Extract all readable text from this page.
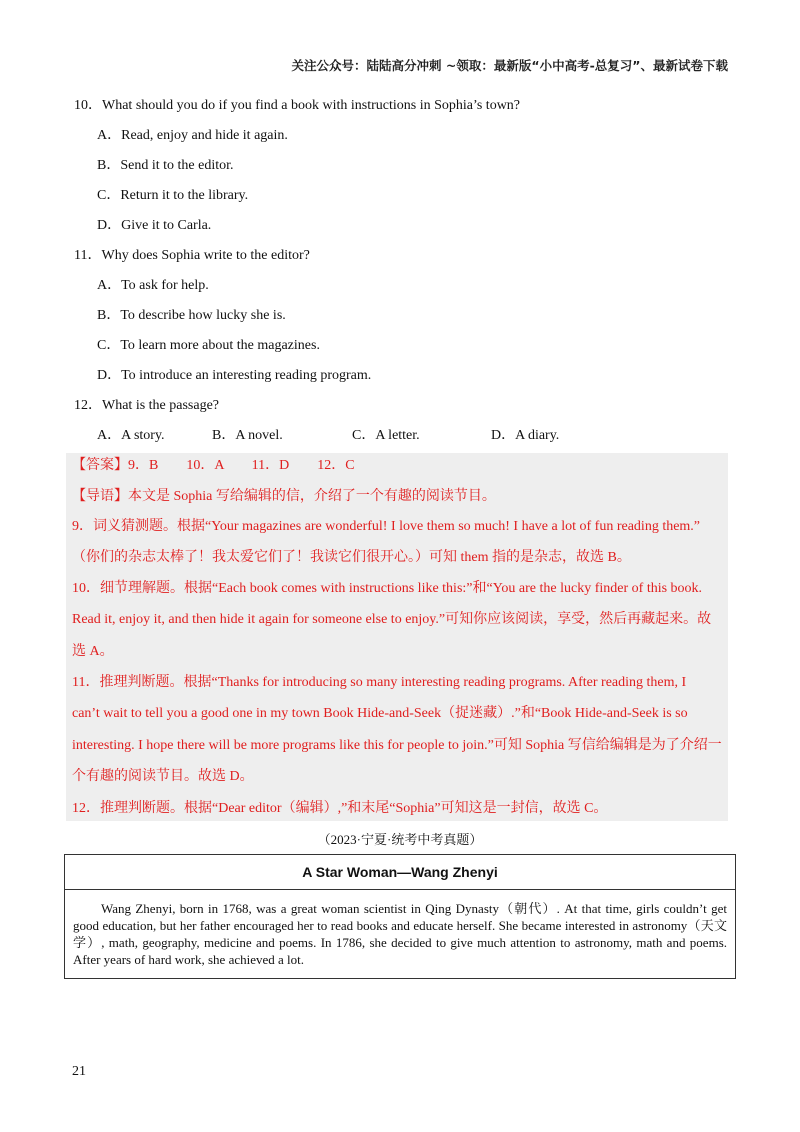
关注公众号：陆陆高分冲刺 ~领取：最新版“小中高考-总复习”、最新试卷下载
10．What should you do if you find a book with instructions in Sophia’s town?
A．Read, enjoy and hide it again.
B．Send it to the editor.
C．Return it to the library.
D．Give it to Carla.
11．Why does Sophia write to the editor?
A．To ask for help.
B．To describe how lucky she is.
C．To learn more about the magazines.
D．To introduce an interesting reading program.
12．What is the passage?
A．A story.	B．A novel.	C．A letter.	D．A diary.
【答案】9．B　　10．A　　11．D　　12．C
【导语】本文是 Sophia 写给编辑的信，介绍了一个有趣的阅读节目。
9．词义猜测题。根据“Your magazines are wonderful! I love them so much! I have a lot of fun reading them.”
（你们的杂志太棒了！我太爱它们了！我读它们很开心。）可知 them 指的是杂志，故选 B。
10．细节理解题。根据“Each book comes with instructions like this:”和“You are the lucky finder of this book.
Read it, enjoy it, and then hide it again for someone else to enjoy.”可知你应该阅读，享受，然后再藏起来。故
选 A。
11．推理判断题。根据“Thanks for introducing so many interesting reading programs. After reading them, I
can’t wait to tell you a good one in my town Book Hide-and-Seek（捉迷藏）.”和“Book Hide-and-Seek is so
interesting. I hope there will be more programs like this for people to join.”可知 Sophia 写信给编辑是为了介绍一
个有趣的阅读节目。故选 D。
12．推理判断题。根据“Dear editor（编辑）,”和末尾“Sophia”可知这是一封信，故选 C。
（2023·宁夏·统考中考真题）
A Star Woman—Wang Zhenyi
Wang Zhenyi, born in 1768, was a great woman scientist in Qing Dynasty（朝代）. At that time, girls couldn’t get good education, but her father encouraged her to read books and educate herself. She became interested in astronomy（天文学）, math, geography, medicine and poems. In 1786, she decided to give much attention to astronomy, math and poems. After years of hard work, she achieved a lot.
21
